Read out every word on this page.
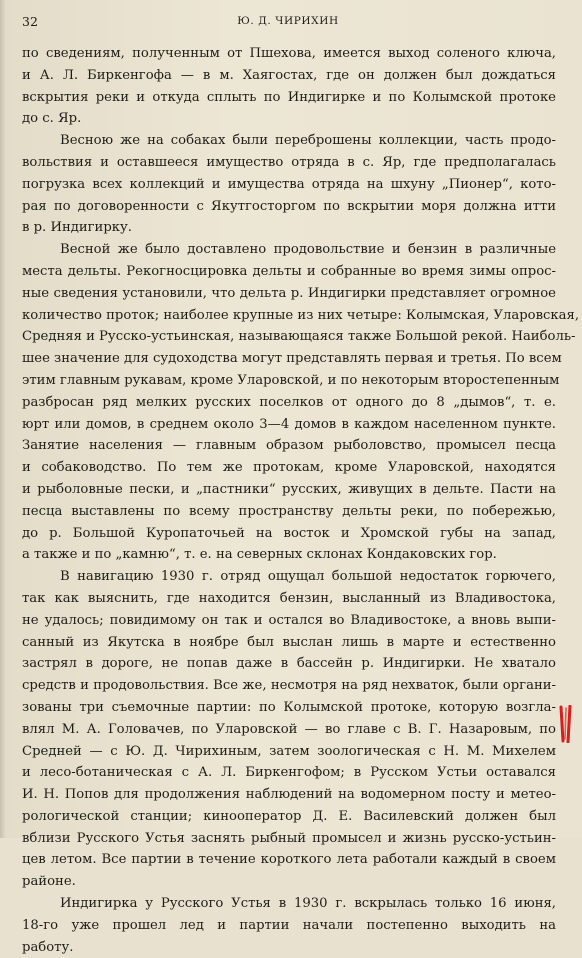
32	Ю. Д. ЧИРИХИН
по сведениям, полученным от Пшехова, имеется выход соленого ключа,
и А. Л. Биркенгофа — в м. Хаягостах, где он должен был дождаться
вскрытия реки и откуда сплыть по Индигирке и по Колымской протоке
до с. Яр.
Весною же на собаках были переброшены коллекции, часть продо-
вольствия и оставшееся имущество отряда в с. Яр, где предполагалась
погрузка всех коллекций и имущества отряда на шхуну „Пионер“, кото-
рая по договоренности с Якутгосторгом по вскрытии моря должна итти
в р. Индигирку.
Весной же было доставлено продовольствие и бензин в различные
места дельты. Рекогносцировка дельты и собранные во время зимы опрос-
ные сведения установили, что дельта р. Индигирки представляет огромное
количество проток; наиболее крупные из них четыре: Колымская, Уларовская,
Средняя и Русско-устьинская, называющаяся также Большой рекой. Наиболь-
шее значение для судоходства могут представлять первая и третья. По всем
этим главным рукавам, кроме Уларовской, и по некоторым второстепенным
разбросан ряд мелких русских поселков от одного до 8 „дымов“, т. е.
юрт или домов, в среднем около 3—4 домов в каждом населенном пункте.
Занятие населения — главным образом рыболовство, промысел песца
и собаководство. По тем же протокам, кроме Уларовской, находятся
и рыболовные пески, и „пастники“ русских, живущих в дельте. Пасти на
песца выставлены по всему пространству дельты реки, по побережью,
до р. Большой Куропаточьей на восток и Хромской губы на запад,
а также и по „камню“, т. е. на северных склонах Кондаковских гор.
В навигацию 1930 г. отряд ощущал большой недостаток горючего,
так как выяснить, где находится бензин, высланный из Владивостока,
не удалось; повидимому он так и остался во Владивостоке, а вновь выпи-
санный из Якутска в ноябре был выслан лишь в марте и естественно
застрял в дороге, не попав даже в бассейн р. Индигирки. Не хватало
средств и продовольствия. Все же, несмотря на ряд нехваток, были органи-
зованы три съемочные партии: по Колымской протоке, которую возгла-
влял М. А. Головачев, по Уларовской — во главе с В. Г. Назаровым, по
Средней — с Ю. Д. Чирихиным, затем зоологическая с Н. М. Михелем
и лесо-ботаническая с А. Л. Биркенгофом; в Русском Устьи оставался
И. Н. Попов для продолжения наблюдений на водомерном посту и метео-
рологической станции; кинооператор Д. Е. Василевский должен был
вблизи Русского Устья заснять рыбный промысел и жизнь русско-устьин-
цев летом. Все партии в течение короткого лета работали каждый в своем
районе.
Индигирка у Русского Устья в 1930 г. вскрылась только 16 июня,
18-го уже прошел лед и партии начали постепенно выходить на
работу.
